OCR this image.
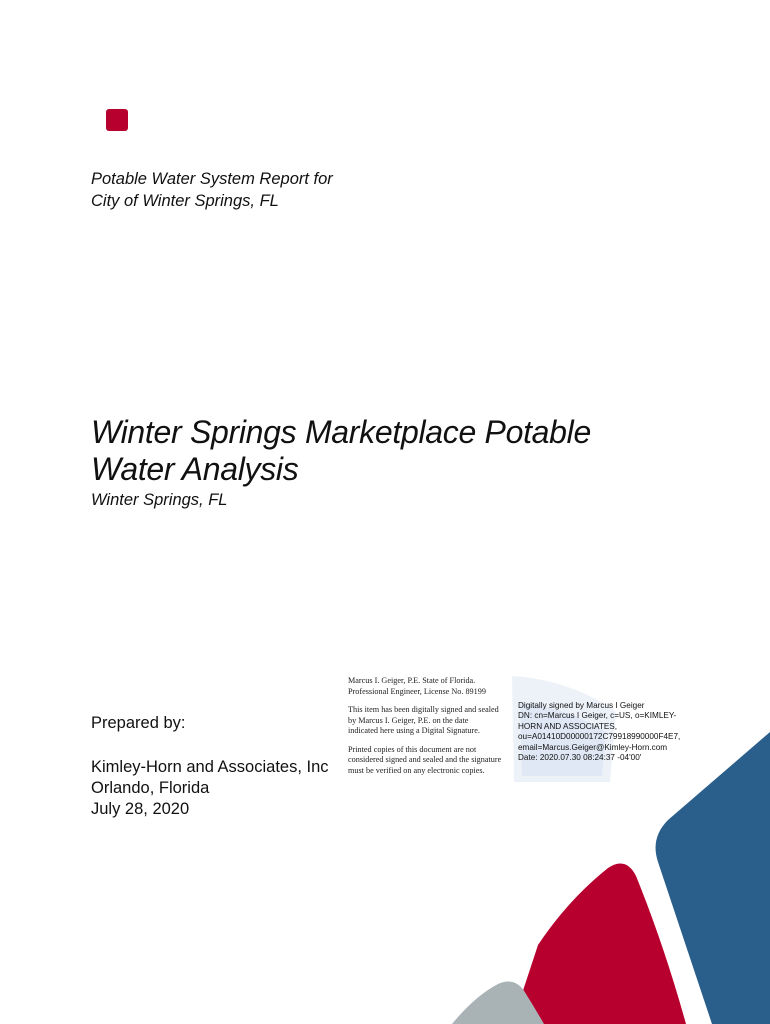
Potable Water System Report for
City of Winter Springs, FL
Winter Springs Marketplace Potable
Water Analysis
Winter Springs, FL
Prepared by:
Kimley-Horn and Associates, Inc
Orlando, Florida
July 28, 2020

Marcus I. Geiger, P.E. State of Florida.
Professional Engineer, License No. 89199

This item has been digitally signed and sealed
by Marcus I. Geiger, P.E. on the date
indicated here using a Digital Signature.

Printed copies of this document are not
considered signed and sealed and the signature
must be verified on any electronic copies.

Digitally signed by Marcus I Geiger
DN: cn=Marcus I Geiger, c=US, o=KIMLEY-
HORN AND ASSOCIATES,
ou=A01410D00000172C79918990000F4E7,
email=Marcus.Geiger@Kimley-Horn.com
Date: 2020.07.30 08:24:37 -04'00'
